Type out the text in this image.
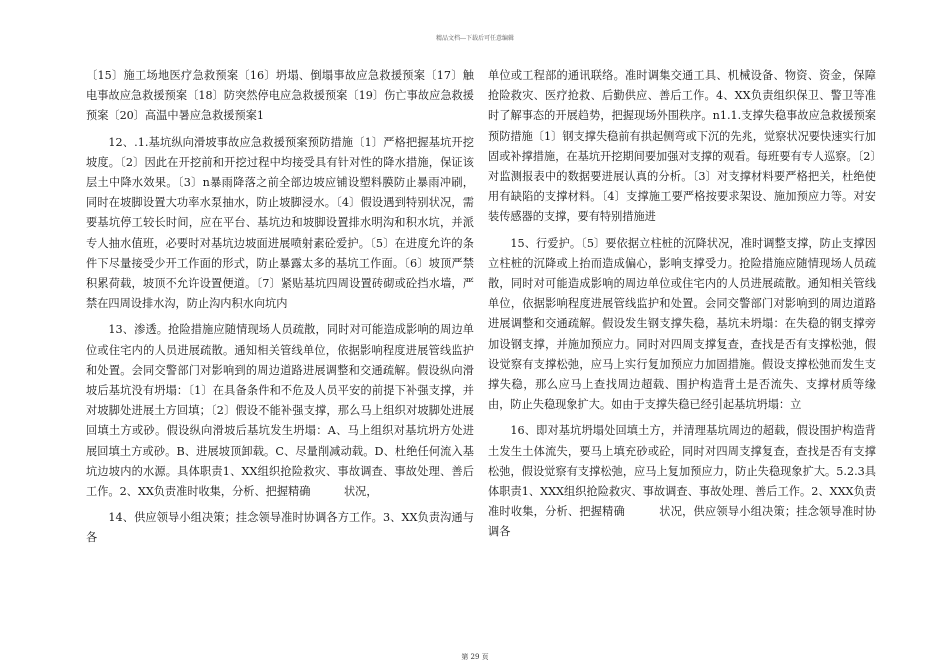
精品文档---下载后可任意编辑

〔15〕施工场地医疗急救预案〔16〕坍塌、倒塌事故应急救援预案〔17〕触电事故应急救援预案〔18〕防突然停电应急救援预案〔19〕伤亡事故应急救援预案〔20〕高温中暑应急救援预案1

12、.1.基坑纵向滑坡事故应急救援预案预防措施〔1〕严格把握基坑开挖坡度。〔2〕因此在开挖前和开挖过程中均接受具有针对性的降水措施，保证该层土中降水效果。〔3〕n暴雨降落之前全部边坡应铺设塑料膜防止暴雨冲刷，同时在坡脚设置大功率水泵抽水，防止坡脚浸水。〔4〕假设遇到特别状况，需要基坑停工较长时间，应在平台、基坑边和坡脚设置排水明沟和积水坑，并派专人抽水值班，必要时对基坑边坡面进展喷射素砼爱护。〔5〕在进度允许的条件下尽量接受少开工作面的形式，防止暴露太多的基坑工作面。〔6〕坡顶严禁积累荷载，坡顶不允许设置便道。〔7〕紧贴基坑四周设置砖砌或砼挡水墙，严禁在四周设排水沟，防止沟内积水向坑内

13、渗透。抢险措施应随情现场人员疏散，同时对可能造成影响的周边单位或住宅内的人员进展疏散。通知相关管线单位，依据影响程度进展管线监护和处置。会同交警部门对影响到的周边道路进展调整和交通疏解。假设纵向滑坡后基坑没有坍塌：〔1〕在具备条件和不危及人员平安的前提下补强支撑，并对坡脚处进展土方回填；〔2〕假设不能补强支撑，那么马上组织对坡脚处进展回填土方或砂。假设纵向滑坡后基坑发生坍塌：A、马上组织对基坑坍方处进展回填土方或砂。B、进展坡顶卸载。C、尽量削减动载。D、杜绝任何流入基坑边坡内的水源。具体职责1、XX组织抢险救灾、事故调查、事故处理、善后工作。2、XX负责准时收集，分析、把握精确　　　状况，

14、供应领导小组决策；挂念领导准时协调各方工作。3、XX负责沟通与各

单位或工程部的通讯联络。准时调集交通工具、机械设备、物资、资金，保障抢险救灾、医疗抢救、后勤供应、善后工作。4、XX负责组织保卫、警卫等准时了解事态的开展趋势，把握现场外围秩序。n1.1.支撑失稳事故应急救援预案预防措施〔1〕钢支撑失稳前有拱起侧弯或下沉的先兆，觉察状况要快速实行加固或补撑措施，在基坑开挖期间要加强对支撑的观看。每班要有专人巡察。〔2〕对监测报表中的数据要进展认真的分析。〔3〕对支撑材料要严格把关，杜绝使用有缺陷的支撑材料。〔4〕支撑施工要严格按要求架设、施加预应力等。对安装传感器的支撑，要有特别措施进

15、行爱护。〔5〕要依据立柱桩的沉降状况，准时调整支撑，防止支撑因立柱桩的沉降或上抬而造成偏心，影响支撑受力。抢险措施应随情现场人员疏散，同时对可能造成影响的周边单位或住宅内的人员进展疏散。通知相关管线单位，依据影响程度进展管线监护和处置。会同交警部门对影响到的周边道路进展调整和交通疏解。假设发生钢支撑失稳，基坑未坍塌：在失稳的钢支撑旁加设钢支撑，并施加预应力。同时对四周支撑复查，查找是否有支撑松弛，假设觉察有支撑松弛，应马上实行复加预应力加固措施。假设支撑松弛而发生支撑失稳，那么应马上查找周边超载、围护构造背土是否流失、支撑材质等缘由，防止失稳现象扩大。如由于支撑失稳已经引起基坑坍塌：立

16、即对基坑坍塌处回填土方，并清理基坑周边的超载，假设围护构造背土发生土体流失，要马上填充砂或砼，同时对四周支撑复查，查找是否有支撑松弛，假设觉察有支撑松弛，应马上复加预应力，防止失稳现象扩大。5.2.3具体职责1、XXX组织抢险救灾、事故调查、事故处理、善后工作。2、XXX负责准时收集，分析、把握精确　　　状况，供应领导小组决策；挂念领导准时协调各

第 29 页
